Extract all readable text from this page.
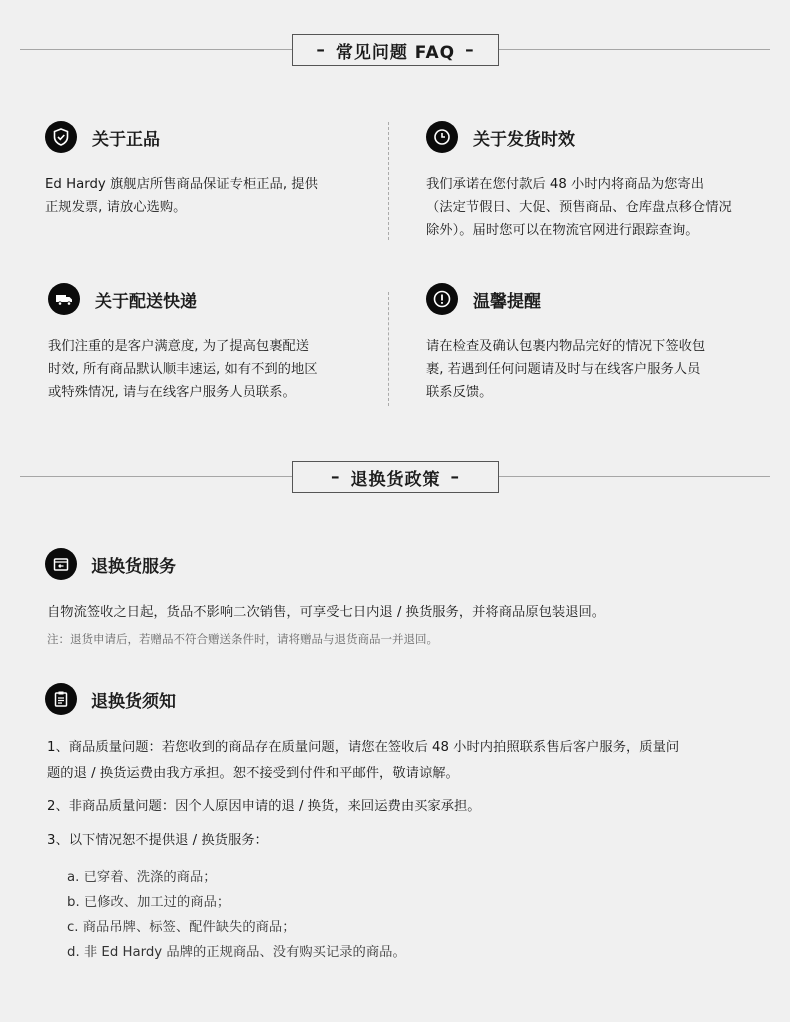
– 常见问题 FAQ –
关于正品
Ed Hardy 旗舰店所售商品保证专柜正品, 提供
正规发票, 请放心选购。
关于发货时效
我们承诺在您付款后 48 小时内将商品为您寄出
（法定节假日、大促、预售商品、仓库盘点移仓情况
除外）。届时您可以在物流官网进行跟踪查询。
关于配送快递
我们注重的是客户满意度, 为了提高包裹配送
时效, 所有商品默认顺丰速运, 如有不到的地区
或特殊情况, 请与在线客户服务人员联系。
温馨提醒
请在检查及确认包裹内物品完好的情况下签收包
裹, 若遇到任何问题请及时与在线客户服务人员
联系反馈。
– 退换货政策 –
退换货服务
自物流签收之日起，货品不影响二次销售，可享受七日内退 / 换货服务，并将商品原包装退回。
注：退货申请后，若赠品不符合赠送条件时，请将赠品与退货商品一并退回。
退换货须知
1、商品质量问题：若您收到的商品存在质量问题，请您在签收后 48 小时内拍照联系售后客户服务，质量问
题的退 / 换货运费由我方承担。恕不接受到付件和平邮件，敬请谅解。
2、非商品质量问题：因个人原因申请的退 / 换货，来回运费由买家承担。
3、以下情况恕不提供退 / 换货服务：
a. 已穿着、洗涤的商品；
b. 已修改、加工过的商品；
c. 商品吊牌、标签、配件缺失的商品；
d. 非 Ed Hardy 品牌的正规商品、没有购买记录的商品。
